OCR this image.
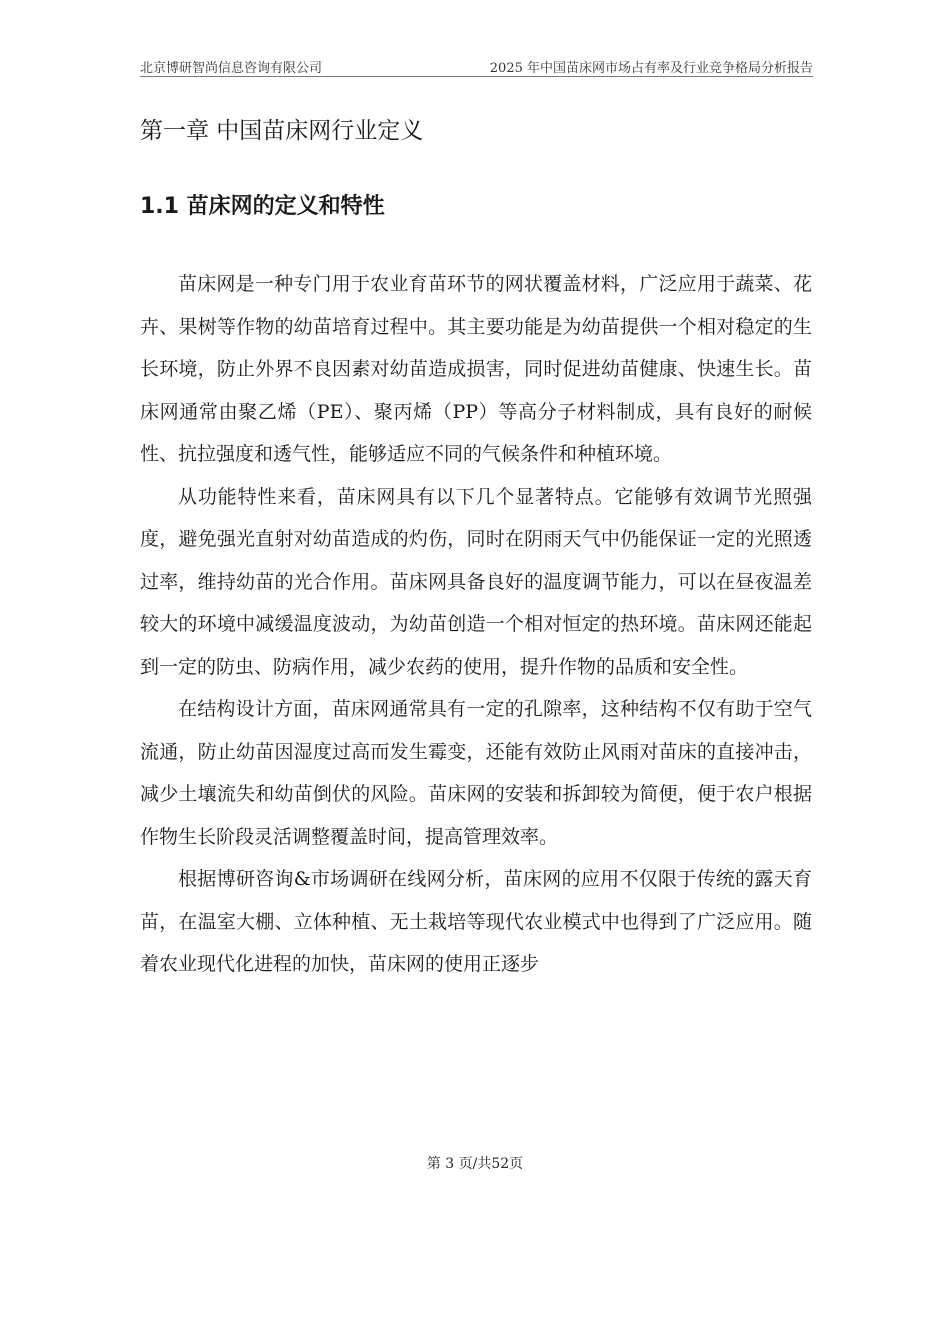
北京博研智尚信息咨询有限公司	2025 年中国苗床网市场占有率及行业竞争格局分析报告
第一章 中国苗床网行业定义
1.1 苗床网的定义和特性

苗床网是一种专门用于农业育苗环节的网状覆盖材料，广泛应用于蔬菜、花卉、果树等作物的幼苗培育过程中。其主要功能是为幼苗提供一个相对稳定的生长环境，防止外界不良因素对幼苗造成损害，同时促进幼苗健康、快速生长。苗床网通常由聚乙烯（PE）、聚丙烯（PP）等高分子材料制成，具有良好的耐候性、抗拉强度和透气性，能够适应不同的气候条件和种植环境。

从功能特性来看，苗床网具有以下几个显著特点。它能够有效调节光照强度，避免强光直射对幼苗造成的灼伤，同时在阴雨天气中仍能保证一定的光照透过率，维持幼苗的光合作用。苗床网具备良好的温度调节能力，可以在昼夜温差较大的环境中减缓温度波动，为幼苗创造一个相对恒定的热环境。苗床网还能起到一定的防虫、防病作用，减少农药的使用，提升作物的品质和安全性。

在结构设计方面，苗床网通常具有一定的孔隙率，这种结构不仅有助于空气流通，防止幼苗因湿度过高而发生霉变，还能有效防止风雨对苗床的直接冲击，减少土壤流失和幼苗倒伏的风险。苗床网的安装和拆卸较为简便，便于农户根据作物生长阶段灵活调整覆盖时间，提高管理效率。

根据博研咨询&市场调研在线网分析，苗床网的应用不仅限于传统的露天育苗，在温室大棚、立体种植、无土栽培等现代农业模式中也得到了广泛应用。随着农业现代化进程的加快，苗床网的使用正逐步

第 3 页/共52页
